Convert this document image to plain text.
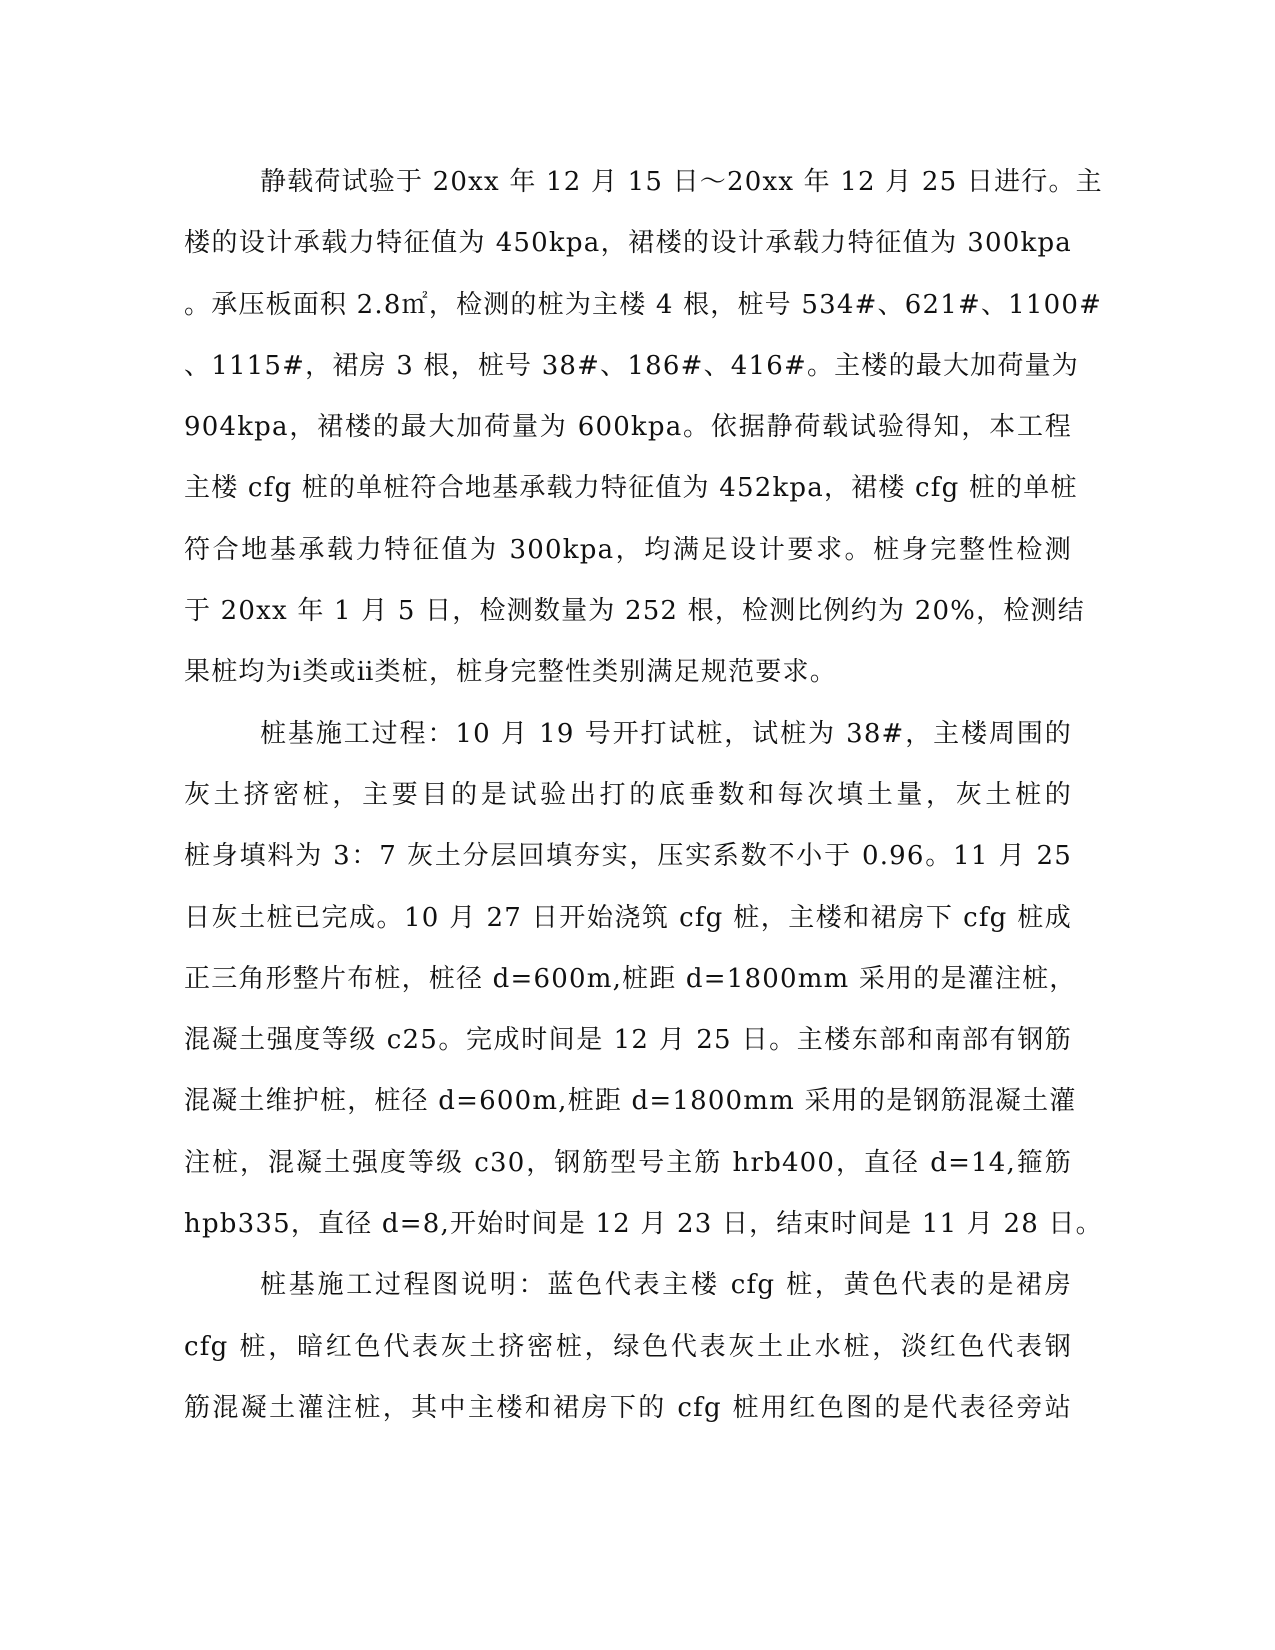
静载荷试验于 20xx 年 12 月 15 日～20xx 年 12 月 25 日进行。主
楼的设计承载力特征值为 450kpa，裙楼的设计承载力特征值为 300kpa
。承压板面积 2.8㎡，检测的桩为主楼 4 根，桩号 534#、621#、1100#
、1115#，裙房 3 根，桩号 38#、186#、416#。主楼的最大加荷量为
904kpa，裙楼的最大加荷量为 600kpa。依据静荷载试验得知，本工程
主楼 cfg 桩的单桩符合地基承载力特征值为 452kpa，裙楼 cfg 桩的单桩
符合地基承载力特征值为 300kpa，均满足设计要求。桩身完整性检测
于 20xx 年 1 月 5 日，检测数量为 252 根，检测比例约为 20%，检测结
果桩均为ⅰ类或ⅱ类桩，桩身完整性类别满足规范要求。
桩基施工过程：10 月 19 号开打试桩，试桩为 38#，主楼周围的
灰土挤密桩，主要目的是试验出打的底垂数和每次填土量，灰土桩的
桩身填料为 3：7 灰土分层回填夯实，压实系数不小于 0.96。11 月 25
日灰土桩已完成。10 月 27 日开始浇筑 cfg 桩，主楼和裙房下 cfg 桩成
正三角形整片布桩，桩径 d=600m,桩距 d=1800mm 采用的是灌注桩，
混凝土强度等级 c25。完成时间是 12 月 25 日。主楼东部和南部有钢筋
混凝土维护桩，桩径 d=600m,桩距 d=1800mm 采用的是钢筋混凝土灌
注桩，混凝土强度等级 c30，钢筋型号主筋 hrb400，直径 d=14,箍筋
hpb335，直径 d=8,开始时间是 12 月 23 日，结束时间是 11 月 28 日。
桩基施工过程图说明：蓝色代表主楼 cfg 桩，黄色代表的是裙房
cfg 桩，暗红色代表灰土挤密桩，绿色代表灰土止水桩，淡红色代表钢
筋混凝土灌注桩，其中主楼和裙房下的 cfg 桩用红色图的是代表径旁站
